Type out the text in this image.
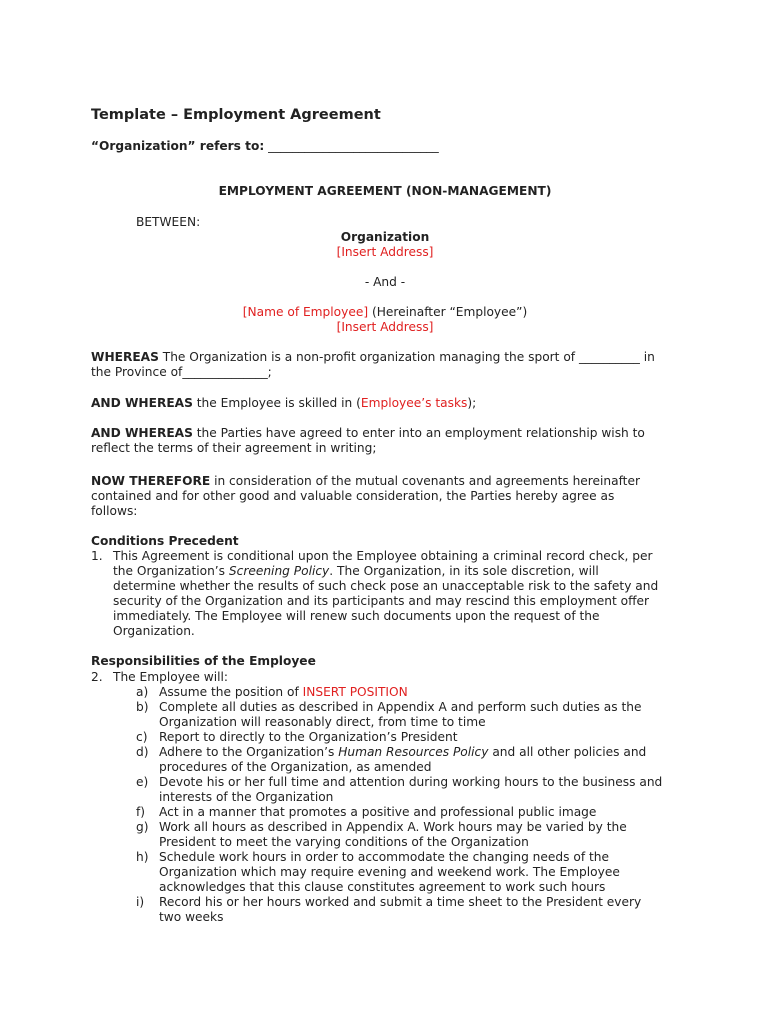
Template – Employment Agreement
“Organization” refers to: ____________________________
EMPLOYMENT AGREEMENT (NON-MANAGEMENT)
BETWEEN:
Organization
[Insert Address]
- And -
[Name of Employee] (Hereinafter “Employee”)
[Insert Address]
WHEREAS The Organization is a non-profit organization managing the sport of __________ in
the Province of______________;
AND WHEREAS the Employee is skilled in (Employee’s tasks);
AND WHEREAS the Parties have agreed to enter into an employment relationship wish to
reflect the terms of their agreement in writing;
NOW THEREFORE in consideration of the mutual covenants and agreements hereinafter
contained and for other good and valuable consideration, the Parties hereby agree as
follows:
Conditions Precedent
1. This Agreement is conditional upon the Employee obtaining a criminal record check, per
the Organization’s Screening Policy. The Organization, in its sole discretion, will
determine whether the results of such check pose an unacceptable risk to the safety and
security of the Organization and its participants and may rescind this employment offer
immediately. The Employee will renew such documents upon the request of the
Organization.
Responsibilities of the Employee
2. The Employee will:
a)
b)
c)
d)
e)
f)
g)
h)
i)
Assume the position of INSERT POSITION
Complete all duties as described in Appendix A and perform such duties as the
Organization will reasonably direct, from time to time
Report to directly to the Organization’s President
Adhere to the Organization’s Human Resources Policy and all other policies and
procedures of the Organization, as amended
Devote his or her full time and attention during working hours to the business and
interests of the Organization
Act in a manner that promotes a positive and professional public image
Work all hours as described in Appendix A. Work hours may be varied by the
President to meet the varying conditions of the Organization
Schedule work hours in order to accommodate the changing needs of the
Organization which may require evening and weekend work. The Employee
acknowledges that this clause constitutes agreement to work such hours
Record his or her hours worked and submit a time sheet to the President every
two weeks
